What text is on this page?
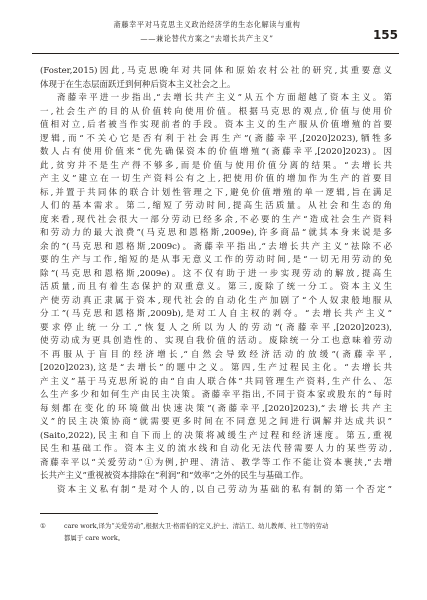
斋藤幸平对马克思主义政治经济学的生态化解读与重构
——兼论替代方案之“去增长共产主义”	155
(Foster,2015)因此,马克思晚年对共同体和原始农村公社的研究,其重要意义
体现于在生态层面跃迁到何种后资本主义社会之上。
斋藤幸平进一步指出,“去增长共产主义”从五个方面超越了资本主义。第
一,社会生产的目的从价值转向使用价值。根据马克思的观点,价值与使用价
值相对立,后者被当作实现前者的手段。资本主义的生产服从价值增殖的首要
逻辑,而“不关心它是否有利于社会再生产”(斋藤幸平,[2020]2023),牺牲多
数人占有使用价值来“优先确保资本的价值增殖”(斋藤幸平,[2020]2023)。因
此,贫穷并不是生产得不够多,而是价值与使用价值分离的结果。“去增长共
产主义”建立在一切生产资料公有之上,把使用价值的增加作为生产的首要目
标,并置于共同体的联合计划性管理之下,避免价值增殖的单一逻辑,旨在满足
人们的基本需求。第二,缩短了劳动时间,提高生活质量。从社会和生态的角
度来看,现代社会很大一部分劳动已经多余,不必要的生产“造成社会生产资料
和劳动力的最大浪费”(马克思和恩格斯,2009e),许多商品“就其本身来说是多
余的”(马克思和恩格斯,2009c)。斋藤幸平指出,“去增长共产主义”祛除不必
要的生产与工作,缩短的是从事无意义工作的劳动时间,是“一切无用劳动的免
除”(马克思和恩格斯,2009e)。这不仅有助于进一步实现劳动的解放,提高生
活质量,而且有着生态保护的双重意义。第三,废除了统一分工。资本主义生
产使劳动真正隶属于资本,现代社会的自动化生产加剧了“个人奴隶般地服从
分工”(马克思和恩格斯,2009b),是对工人自主权的剥夺。“去增长共产主义”
要求停止统一分工,“恢复人之所以为人的劳动”(斋藤幸平,[2020]2023),
使劳动成为更具创造性的、实现自我价值的活动。废除统一分工也意味着劳动
不再服从于盲目的经济增长,“自然会导致经济活动的放缓”(斋藤幸平,
[2020]2023),这是“去增长”的题中之义。第四,生产过程民主化。“去增长共
产主义”基于马克思所说的由“自由人联合体”共同管理生产资料,生产什么、怎
么生产多少和如何生产由民主决策。斋藤幸平指出,不同于资本家或股东的“每时
每刻都在变化的环境做出快速决策”(斋藤幸平,[2020]2023),“去增长共产主
义”的民主决策协商“就需要更多时间在不同意见之间进行调解并达成共识”
(Saito,2022),民主和自下而上的决策将减缓生产过程和经济速度。第五,重视
民生和基础工作。资本主义的流水线和自动化无法代替需要人力的某些劳动,
斋藤幸平以“关爱劳动”①为例,护理、清洁、教学等工作不能让资本裹挟,“去增
长共产主义”重视被资本排除在“利润”和“效率”之外的民生与基础工作。
资本主义私有制”是对个人的,以自己劳动为基础的私有制的第一个否定”
①	care work,译为“关爱劳动”,根据大卫·格雷伯的定义,护士、清洁工、幼儿教师、社工等的劳动
都属于 care work。
